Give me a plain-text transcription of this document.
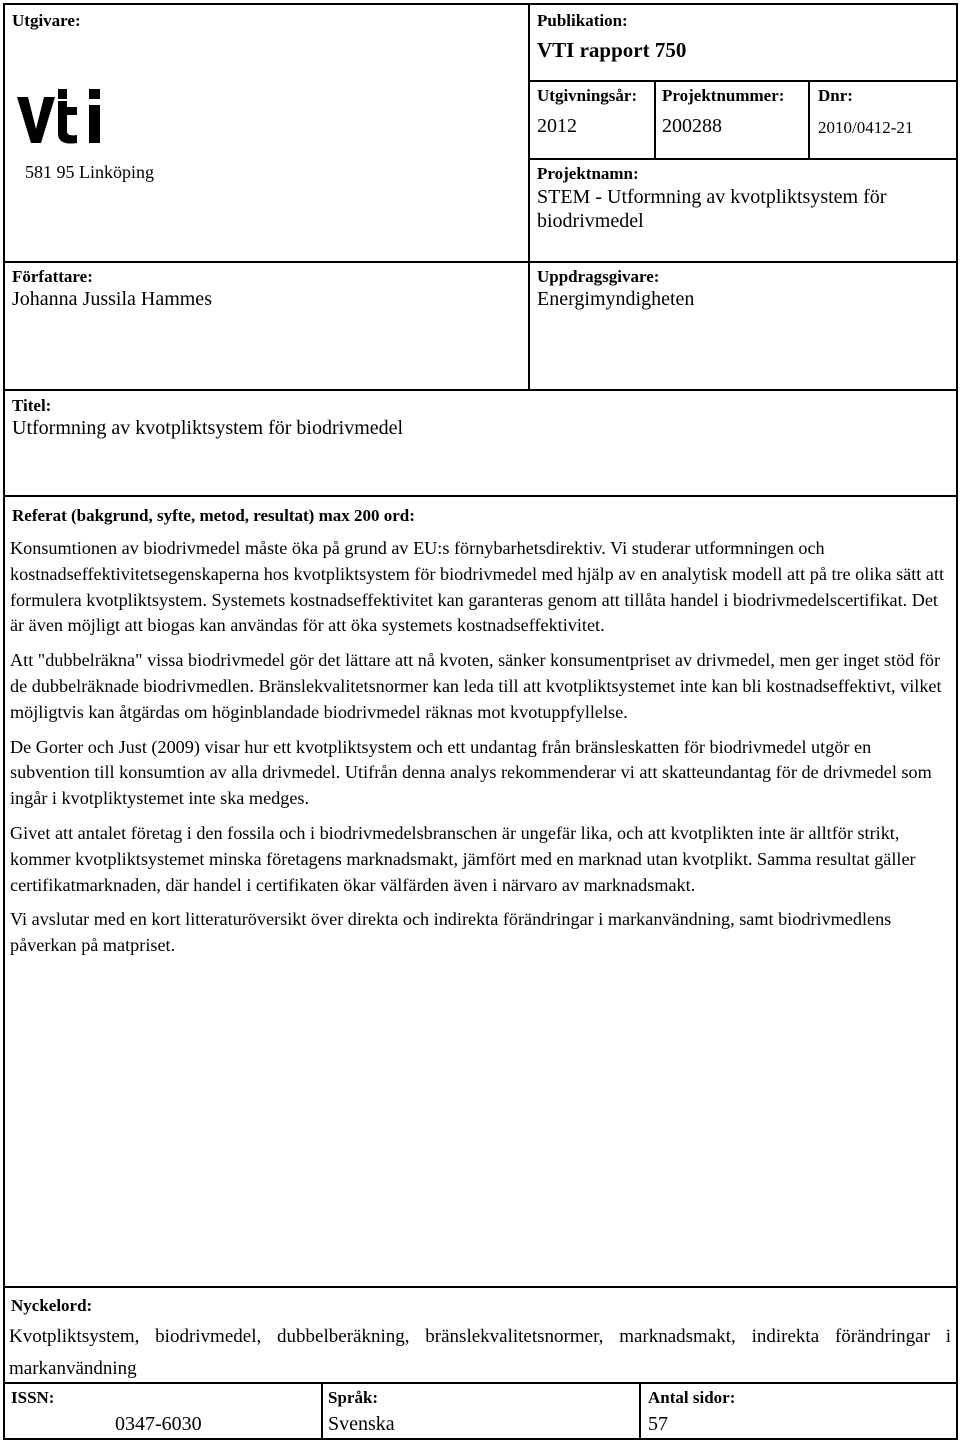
Utgivare:
581 95 Linköping
Publikation:
VTI rapport 750
Utgivningsår:
2012
Projektnummer:
200288
Dnr:
2010/0412-21
Projektnamn:
STEM - Utformning av kvotpliktsystem för
biodrivmedel
Författare:
Johanna Jussila Hammes
Uppdragsgivare:
Energimyndigheten
Titel:
Utformning av kvotpliktsystem för biodrivmedel
Referat (bakgrund, syfte, metod, resultat) max 200 ord:

Konsumtionen av biodrivmedel måste öka på grund av EU:s förnybarhetsdirektiv. Vi studerar utformningen och kostnadseffektivitetsegenskaperna hos kvotpliktsystem för biodrivmedel med hjälp av en analytisk modell att på tre olika sätt att formulera kvotpliktsystem. Systemets kostnadseffektivitet kan garanteras genom att tillåta handel i biodrivmedelscertifikat. Det är även möjligt att biogas kan användas för att öka systemets kostnadseffektivitet.

Att "dubbelräkna" vissa biodrivmedel gör det lättare att nå kvoten, sänker konsumentpriset av drivmedel, men ger inget stöd för de dubbelräknade biodrivmedlen. Bränslekvalitetsnormer kan leda till att kvotpliktsystemet inte kan bli kostnadseffektivt, vilket möjligtvis kan åtgärdas om höginblandade biodrivmedel räknas mot kvotuppfyllelse.

De Gorter och Just (2009) visar hur ett kvotpliktsystem och ett undantag från bränsleskatten för biodrivmedel utgör en subvention till konsumtion av alla drivmedel. Utifrån denna analys rekommenderar vi att skatteundantag för de drivmedel som ingår i kvotpliktystemet inte ska medges.

Givet att antalet företag i den fossila och i biodrivmedelsbranschen är ungefär lika, och att kvotplikten inte är alltför strikt, kommer kvotpliktsystemet minska företagens marknadsmakt, jämfört med en marknad utan kvotplikt. Samma resultat gäller certifikatmarknaden, där handel i certifikaten ökar välfärden även i närvaro av marknadsmakt.

Vi avslutar med en kort litteraturöversikt över direkta och indirekta förändringar i markanvändning, samt biodrivmedlens påverkan på matpriset.

Nyckelord:
Kvotpliktsystem, biodrivmedel, dubbelberäkning, bränslekvalitetsnormer, marknadsmakt, indirekta förändringar i markanvändning
ISSN:
0347-6030
Språk:
Svenska
Antal sidor:
57
